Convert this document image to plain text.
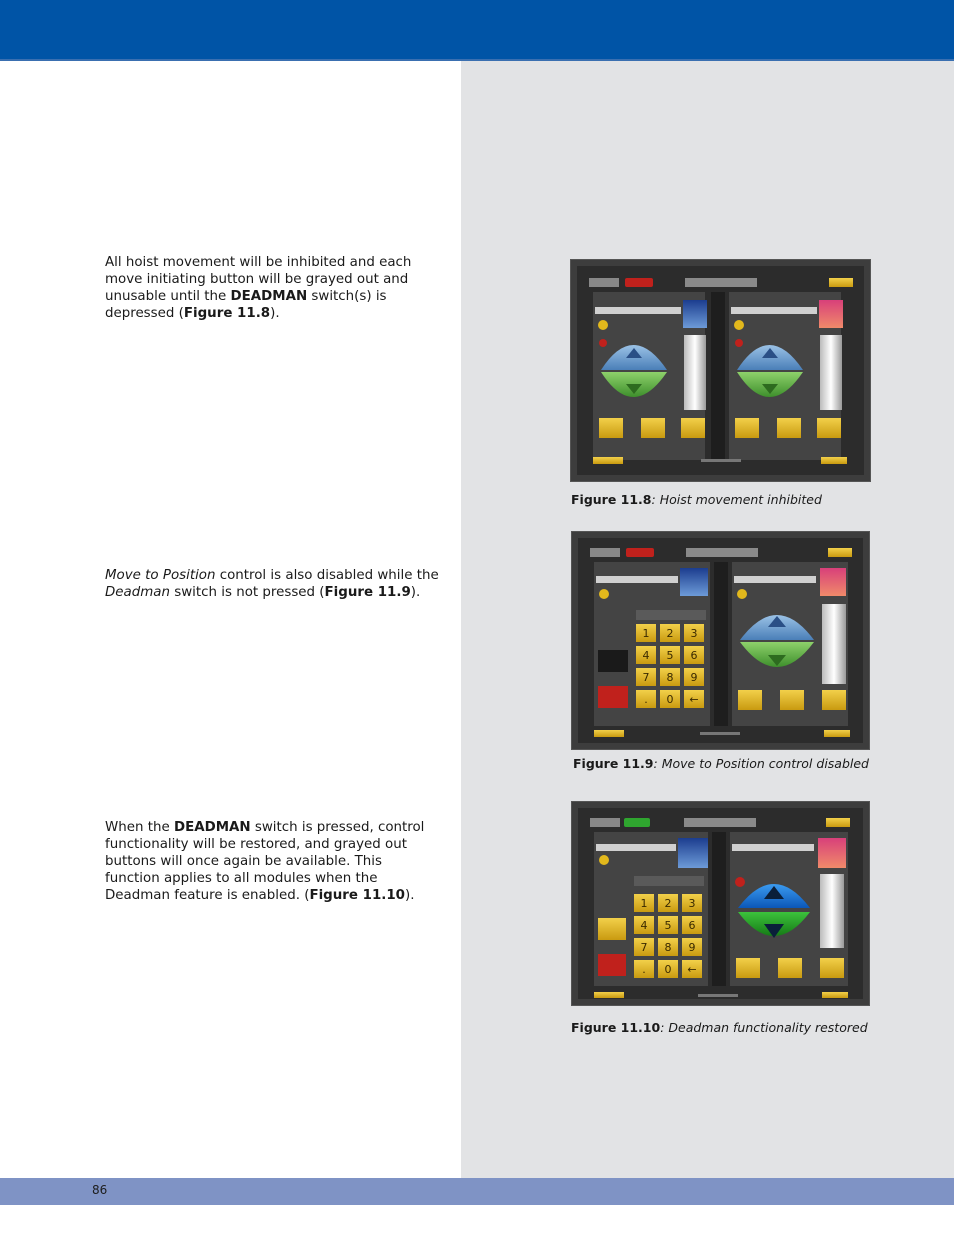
All hoist movement will be inhibited and each move initiating button will be grayed out and unusable until the DEADMAN switch(s) is depressed (Figure 11.8).
Move to Position control is also disabled while the Deadman switch is not pressed (Figure 11.9).
When the DEADMAN switch is pressed, control functionality will be restored, and grayed out buttons will once again be available. This function applies to all modules when the Deadman feature is enabled. (Figure 11.10).
Figure 11.8: Hoist movement inhibited
1 2 3
4 5 6
7 8 9
. 0 ←
Figure 11.9: Move to Position control disabled
1 2 3
4 5 6
7 8 9
. 0 ←
Figure 11.10: Deadman functionality restored
86
